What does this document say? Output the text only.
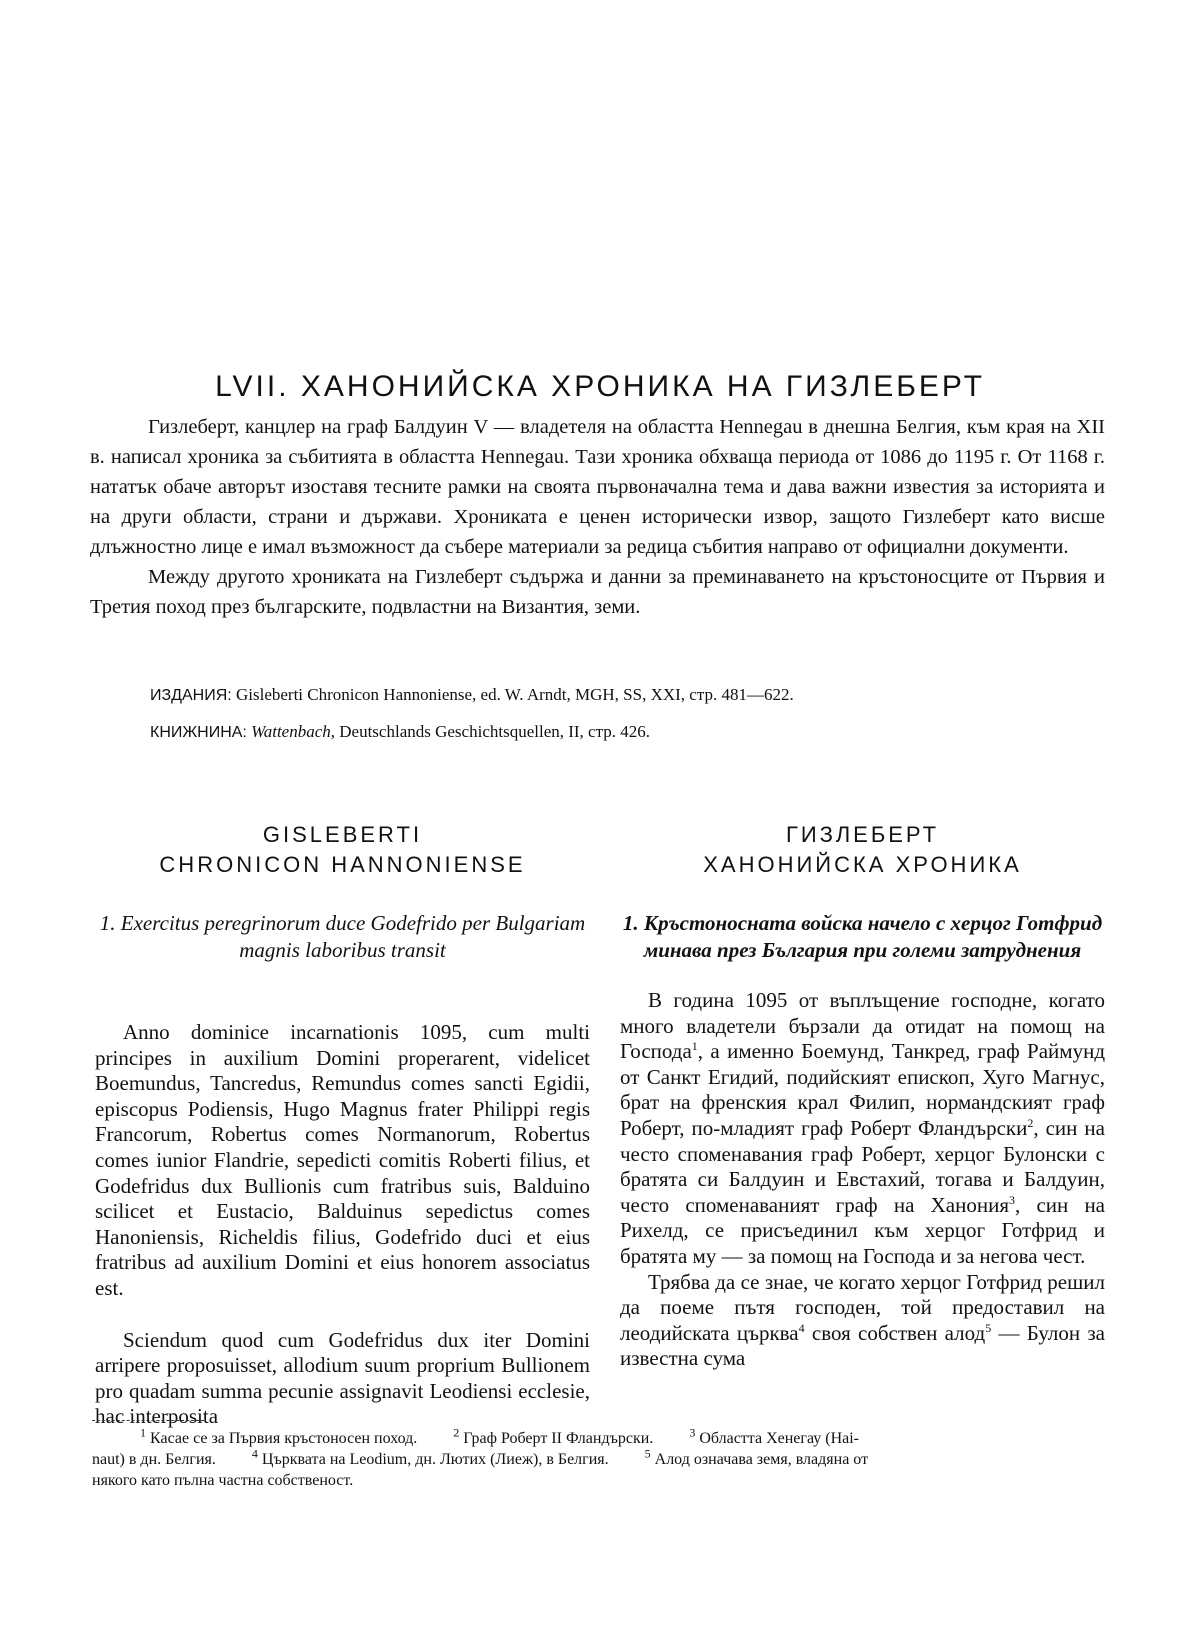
LVII. ХАНОНИЙСКА ХРОНИКА НА ГИЗЛЕБЕРТ

Гизлеберт, канцлер на граф Балдуин V — владетеля на областта Hennegau в днешна Белгия, към края на XII в. написал хроника за събитията в областта Hennegau. Тази хроника обхваща периода от 1086 до 1195 г. От 1168 г. нататък обаче авторът изоставя тесните рамки на своята първоначална тема и дава важни известия за историята и на други области, страни и държави. Хрониката е ценен исторически извор, защото Гизлеберт като висше длъжностно лице е имал възможност да събере материали за редица събития направо от официални документи.

Между другото хрониката на Гизлеберт съдържа и данни за преминаването на кръстоносците от Първия и Третия поход през българските, подвластни на Византия, земи.

ИЗДАНИЯ: Gisleberti Chronicon Hannoniense, ed. W. Arndt, MGH, SS, XXI, стр. 481—622.
КНИЖНИНА: Wattenbach, Deutschlands Geschichtsquellen, II, стр. 426.
GISLEBERTI
CHRONICON HANNONIENSE

1. Exercitus peregrinorum duce Godefrido per Bulgariam magnis laboribus transit

Anno dominice incarnationis 1095, cum multi principes in auxilium Domini properarent, videlicet Boemundus, Tancredus, Remundus comes sancti Egidii, episcopus Podiensis, Hugo Magnus frater Philippi regis Francorum, Robertus comes Normanorum, Robertus comes iunior Flandrie, sepedicti comitis Roberti filius, et Godefridus dux Bullionis cum fratribus suis, Balduino scilicet et Eustacio, Balduinus sepedictus comes Hanoniensis, Richeldis filius, Godefrido duci et eius fratribus ad auxilium Domini et eius honorem associatus est.

Sciendum quod cum Godefridus dux iter Domini arripere proposuisset, allodium suum proprium Bullionem pro quadam summa pecunie assignavit Leodiensi ecclesie, hac interposita

ГИЗЛЕБЕРТ
ХАНОНИЙСКА ХРОНИКА

1. Кръстоносната войска начело с херцог Готфрид минава през България при големи затруднения

В година 1095 от въплъщение господне, когато много владетели бързали да отидат на помощ на Господа$^1$, а именно Боемунд, Танкред, граф Раймунд от Санкт Егидий, подийският епископ, Хуго Магнус, брат на френския крал Филип, нормандският граф Роберт, по-младият граф Роберт Фландърски$^2$, син на често споменавания граф Роберт, херцог Булонски с братята си Балдуин и Евстахий, тогава и Балдуин, често споменаваният граф на Ханония$^3$, син на Рихелд, се присъединил към херцог Готфрид и братята му — за помощ на Господа и за негова чест.

Трябва да се знае, че когато херцог Готфрид решил да поеме пътя господен, той предоставил на леодийската църква$^4$ своя собствен алод$^5$ — Булон за известна сума

$^1$ Касае се за Първия кръстоносен поход.	$^2$ Граф Роберт II Фландърски.	$^3$ Областта Хенегау (Hai-

naut) в дн. Белгия.	$^4$ Църквата на Leodium, дн. Лютих (Лиеж), в Белгия.	$^5$ Алод означава земя, владяна от

някого като пълна частна собственост.
